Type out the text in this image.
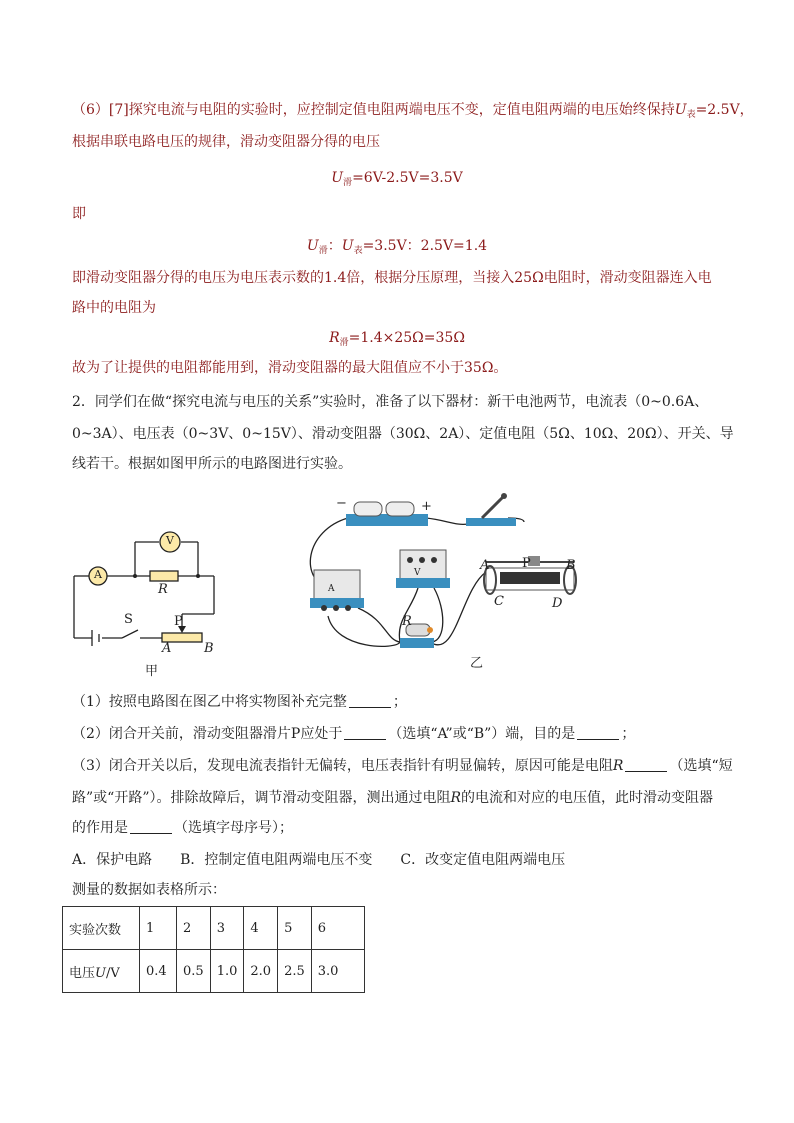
（6）[7]探究电流与电阻的实验时，应控制定值电阻两端电压不变，定值电阻两端的电压始终保持$U_表=2.5V$，
根据串联电路电压的规律，滑动变阻器分得的电压
$U_滑=6V-2.5V=3.5V$
即
$U_滑$：$U_表=3.5V$：2.5V=1.4
即滑动变阻器分得的电压为电压表示数的1.4倍，根据分压原理，当接入25Ω电阻时，滑动变阻器连入电
路中的电阻为
$R_滑=1.4\times 25\Omega=35\Omega$
故为了让提供的电阻都能用到，滑动变阻器的最大阻值应不小于35Ω。
2．同学们在做“探究电流与电压的关系”实验时，准备了以下器材：新干电池两节，电流表（0~0.6A、
0~3A）、电压表（0~3V、0~15V）、滑动变阻器（30Ω、2A）、定值电阻（5Ω、10Ω、20Ω）、开关、导
线若干。根据如图甲所示的电路图进行实验。
A
V
R
S	P
A	B
甲
−	+
A
V
R
A	P	B
C	D
乙
（1）按照电路图在图乙中将实物图补充完整	；
（2）闭合开关前，滑动变阻器滑片P应处于	（选填“A”或“B”）端，目的是	；
（3）闭合开关以后，发现电流表指针无偏转，电压表指针有明显偏转，原因可能是电阻R	（选填“短
路”或“开路”）。排除故障后，调节滑动变阻器，测出通过电阻R的电流和对应的电压值，此时滑动变阻器
的作用是	（选填字母序号）；
A．保护电路　　B．控制定值电阻两端电压不变　　C．改变定值电阻两端电压
测量的数据如表格所示：
实验次数	1	2	3	4	5	6
电压U/V	0.4	0.5	1.0	2.0	2.5	3.0
